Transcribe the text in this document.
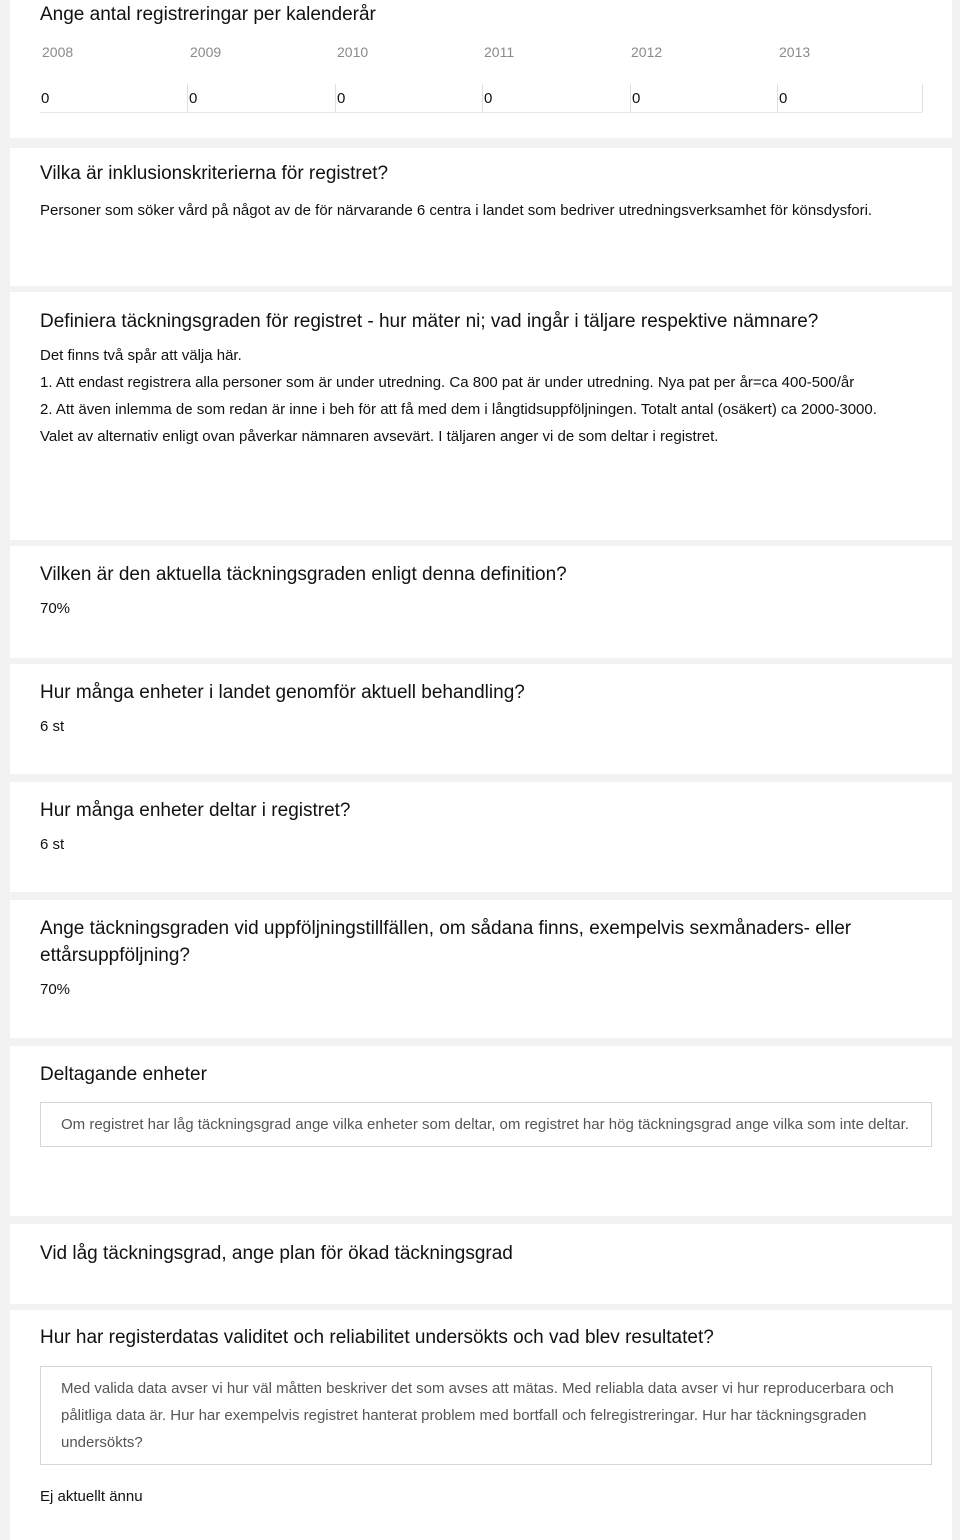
Ange antal registreringar per kalenderår
2008	2009	2010	2011	2012	2013
0	0	0	0	0	0
Vilka är inklusionskriterierna för registret?
Personer som söker vård på något av de för närvarande 6 centra i landet som bedriver utredningsverksamhet för könsdysfori.
Definiera täckningsgraden för registret - hur mäter ni; vad ingår i täljare respektive nämnare?
Det finns två spår att välja här.
1. Att endast registrera alla personer som är under utredning. Ca 800 pat är under utredning. Nya pat per år=ca 400-500/år
2. Att även inlemma de som redan är inne i beh för att få med dem i långtidsuppföljningen. Totalt antal (osäkert) ca 2000-3000.
Valet av alternativ enligt ovan påverkar nämnaren avsevärt. I täljaren anger vi de som deltar i registret.
Vilken är den aktuella täckningsgraden enligt denna definition?
70%
Hur många enheter i landet genomför aktuell behandling?
6 st
Hur många enheter deltar i registret?
6 st
Ange täckningsgraden vid uppföljningstillfällen, om sådana finns, exempelvis sexmånaders- eller ettårsuppföljning?
70%
Deltagande enheter
Om registret har låg täckningsgrad ange vilka enheter som deltar, om registret har hög täckningsgrad ange vilka som inte deltar.
Vid låg täckningsgrad, ange plan för ökad täckningsgrad
Hur har registerdatas validitet och reliabilitet undersökts och vad blev resultatet?
Med valida data avser vi hur väl måtten beskriver det som avses att mätas. Med reliabla data avser vi hur reproducerbara och pålitliga data är. Hur har exempelvis registret hanterat problem med bortfall och felregistreringar. Hur har täckningsgraden undersökts?
Ej aktuellt ännu
